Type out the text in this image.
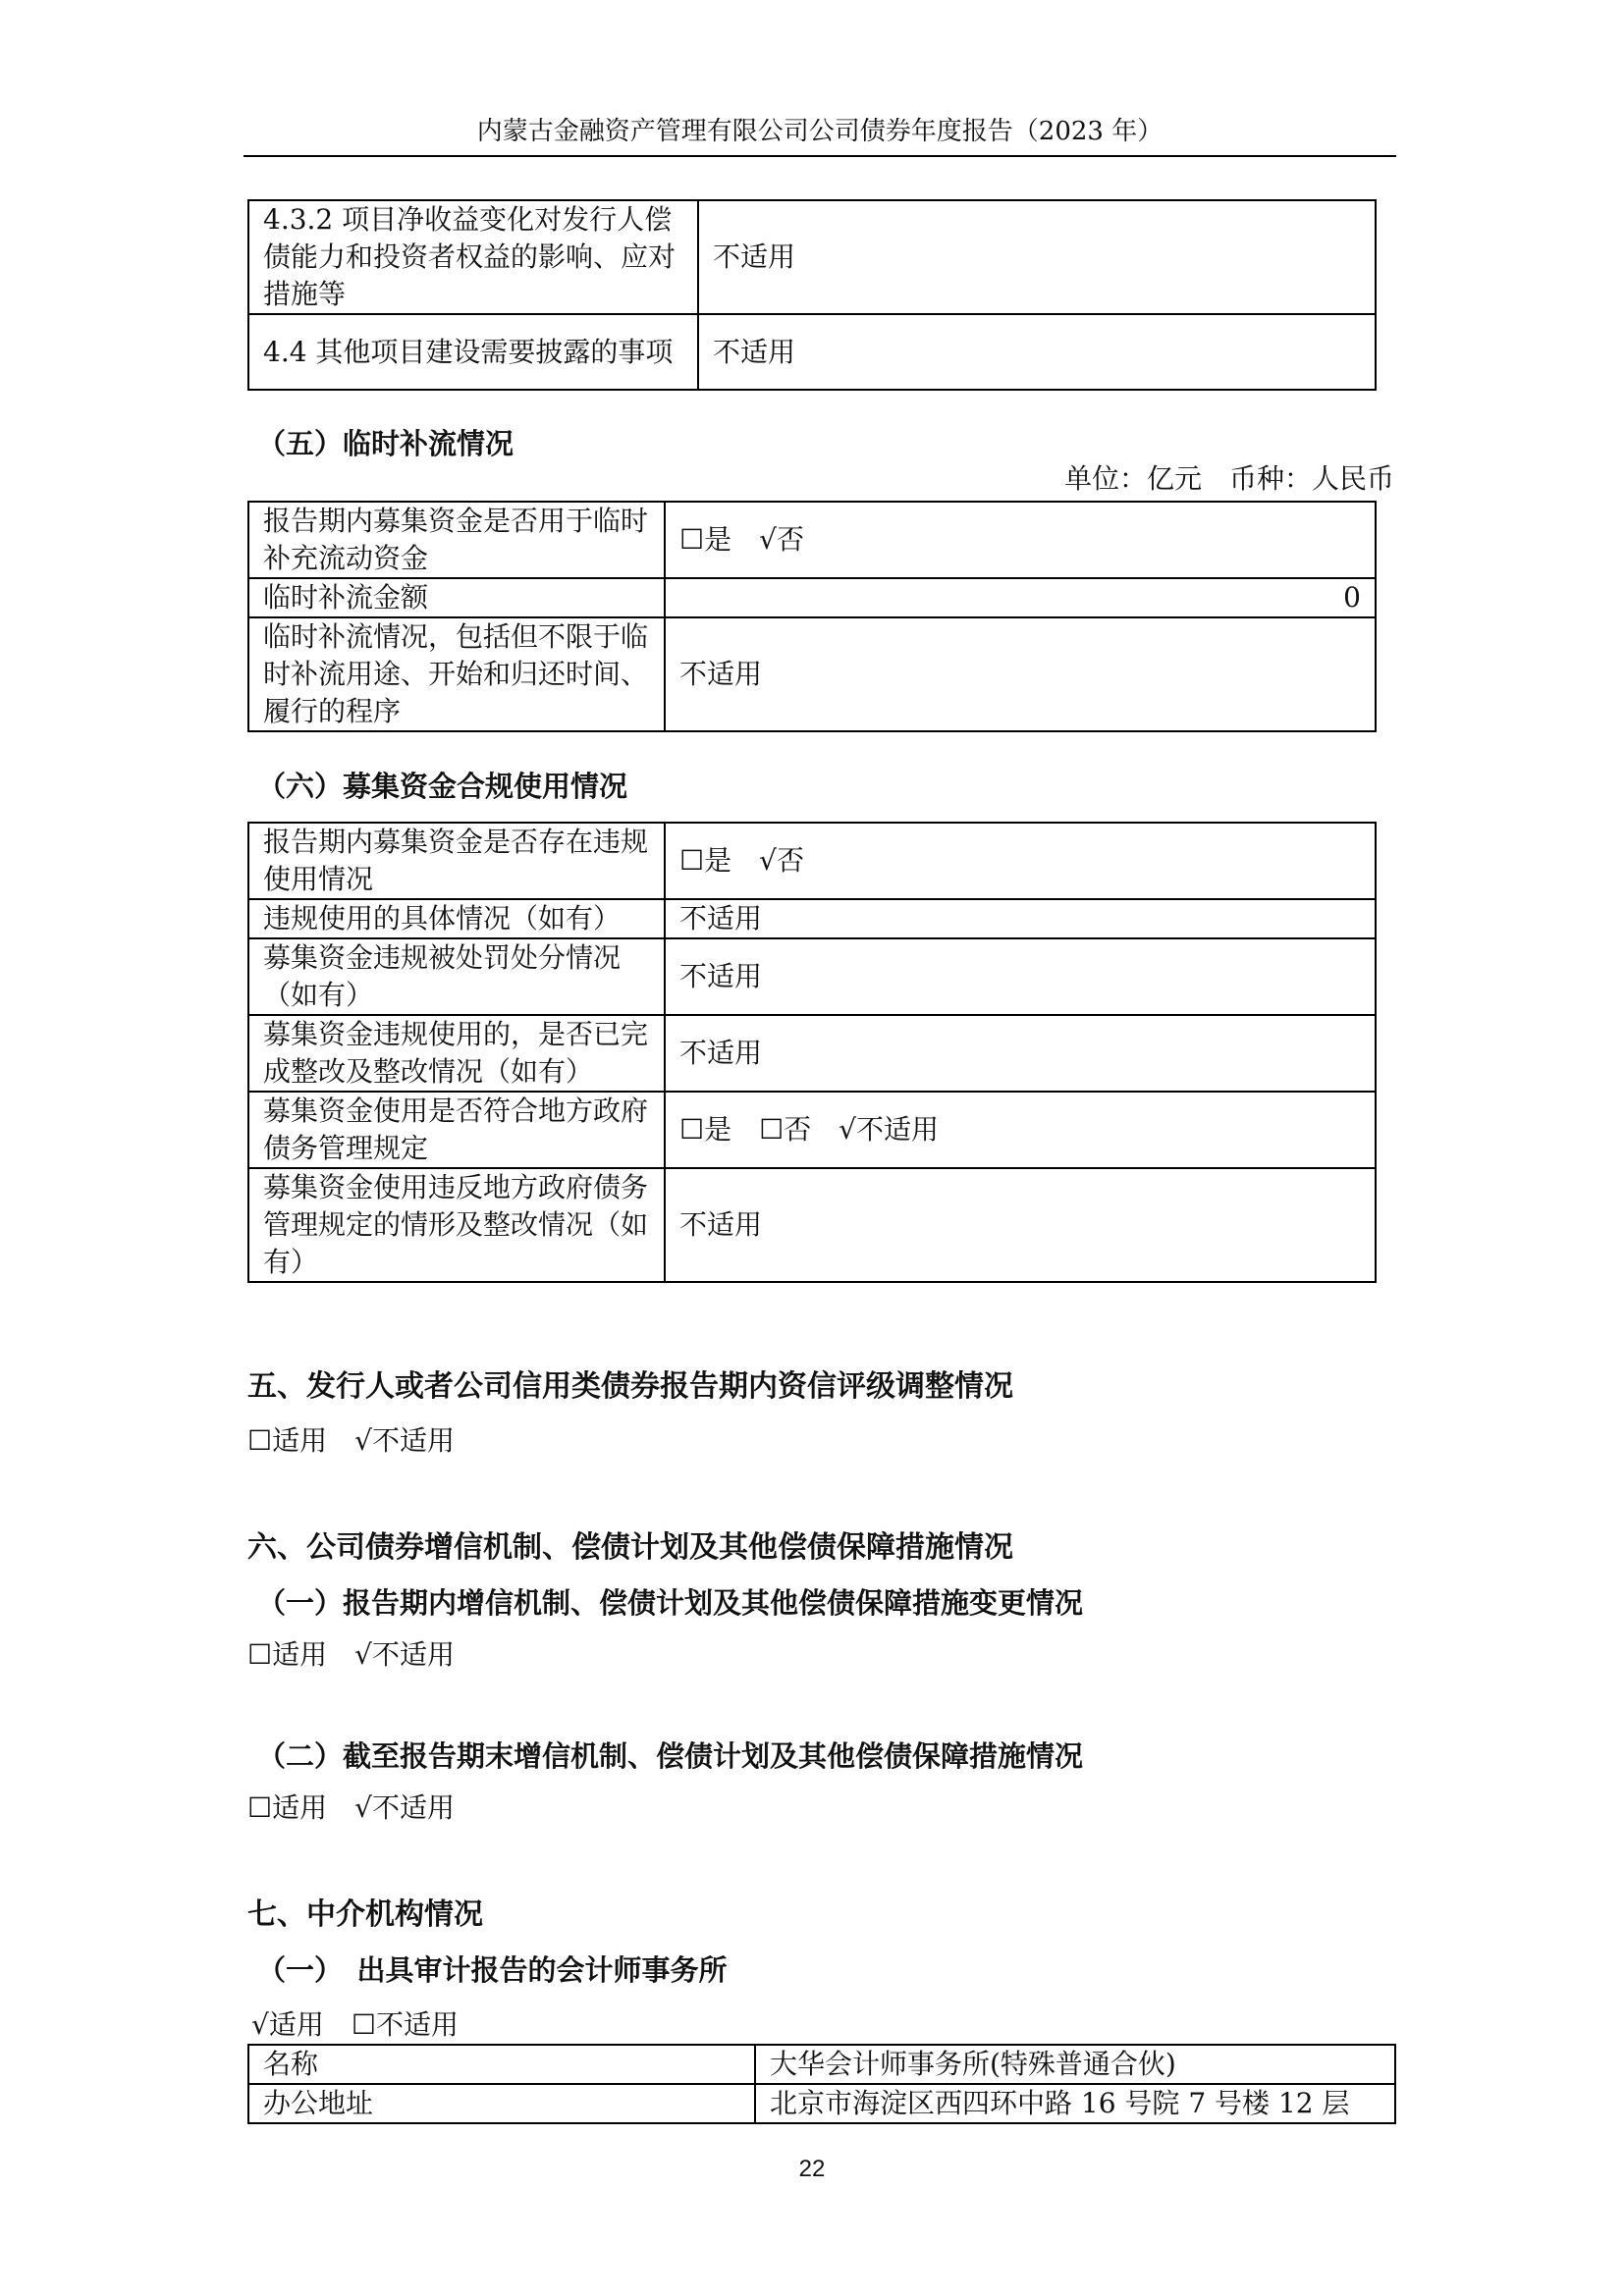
内蒙古金融资产管理有限公司公司债券年度报告（2023 年）
4.3.2 项目净收益变化对发行人偿债能力和投资者权益的影响、应对措施等	不适用
4.4 其他项目建设需要披露的事项	不适用
（五）临时补流情况
单位：亿元　币种：人民币
报告期内募集资金是否用于临时补充流动资金	☐是　√否
临时补流金额	0
临时补流情况，包括但不限于临时补流用途、开始和归还时间、履行的程序	不适用
（六）募集资金合规使用情况
报告期内募集资金是否存在违规使用情况	☐是　√否
违规使用的具体情况（如有）	不适用
募集资金违规被处罚处分情况（如有）	不适用
募集资金违规使用的，是否已完成整改及整改情况（如有）	不适用
募集资金使用是否符合地方政府债务管理规定	☐是　☐否　√不适用
募集资金使用违反地方政府债务管理规定的情形及整改情况（如有）	不适用
五、发行人或者公司信用类债券报告期内资信评级调整情况
☐适用　√不适用
六、公司债券增信机制、偿债计划及其他偿债保障措施情况
（一）报告期内增信机制、偿债计划及其他偿债保障措施变更情况
☐适用　√不适用
（二）截至报告期末增信机制、偿债计划及其他偿债保障措施情况
☐适用　√不适用
七、中介机构情况
（一）　出具审计报告的会计师事务所
√适用　☐不适用
名称	大华会计师事务所(特殊普通合伙)
办公地址	北京市海淀区西四环中路 16 号院 7 号楼 12 层
22
